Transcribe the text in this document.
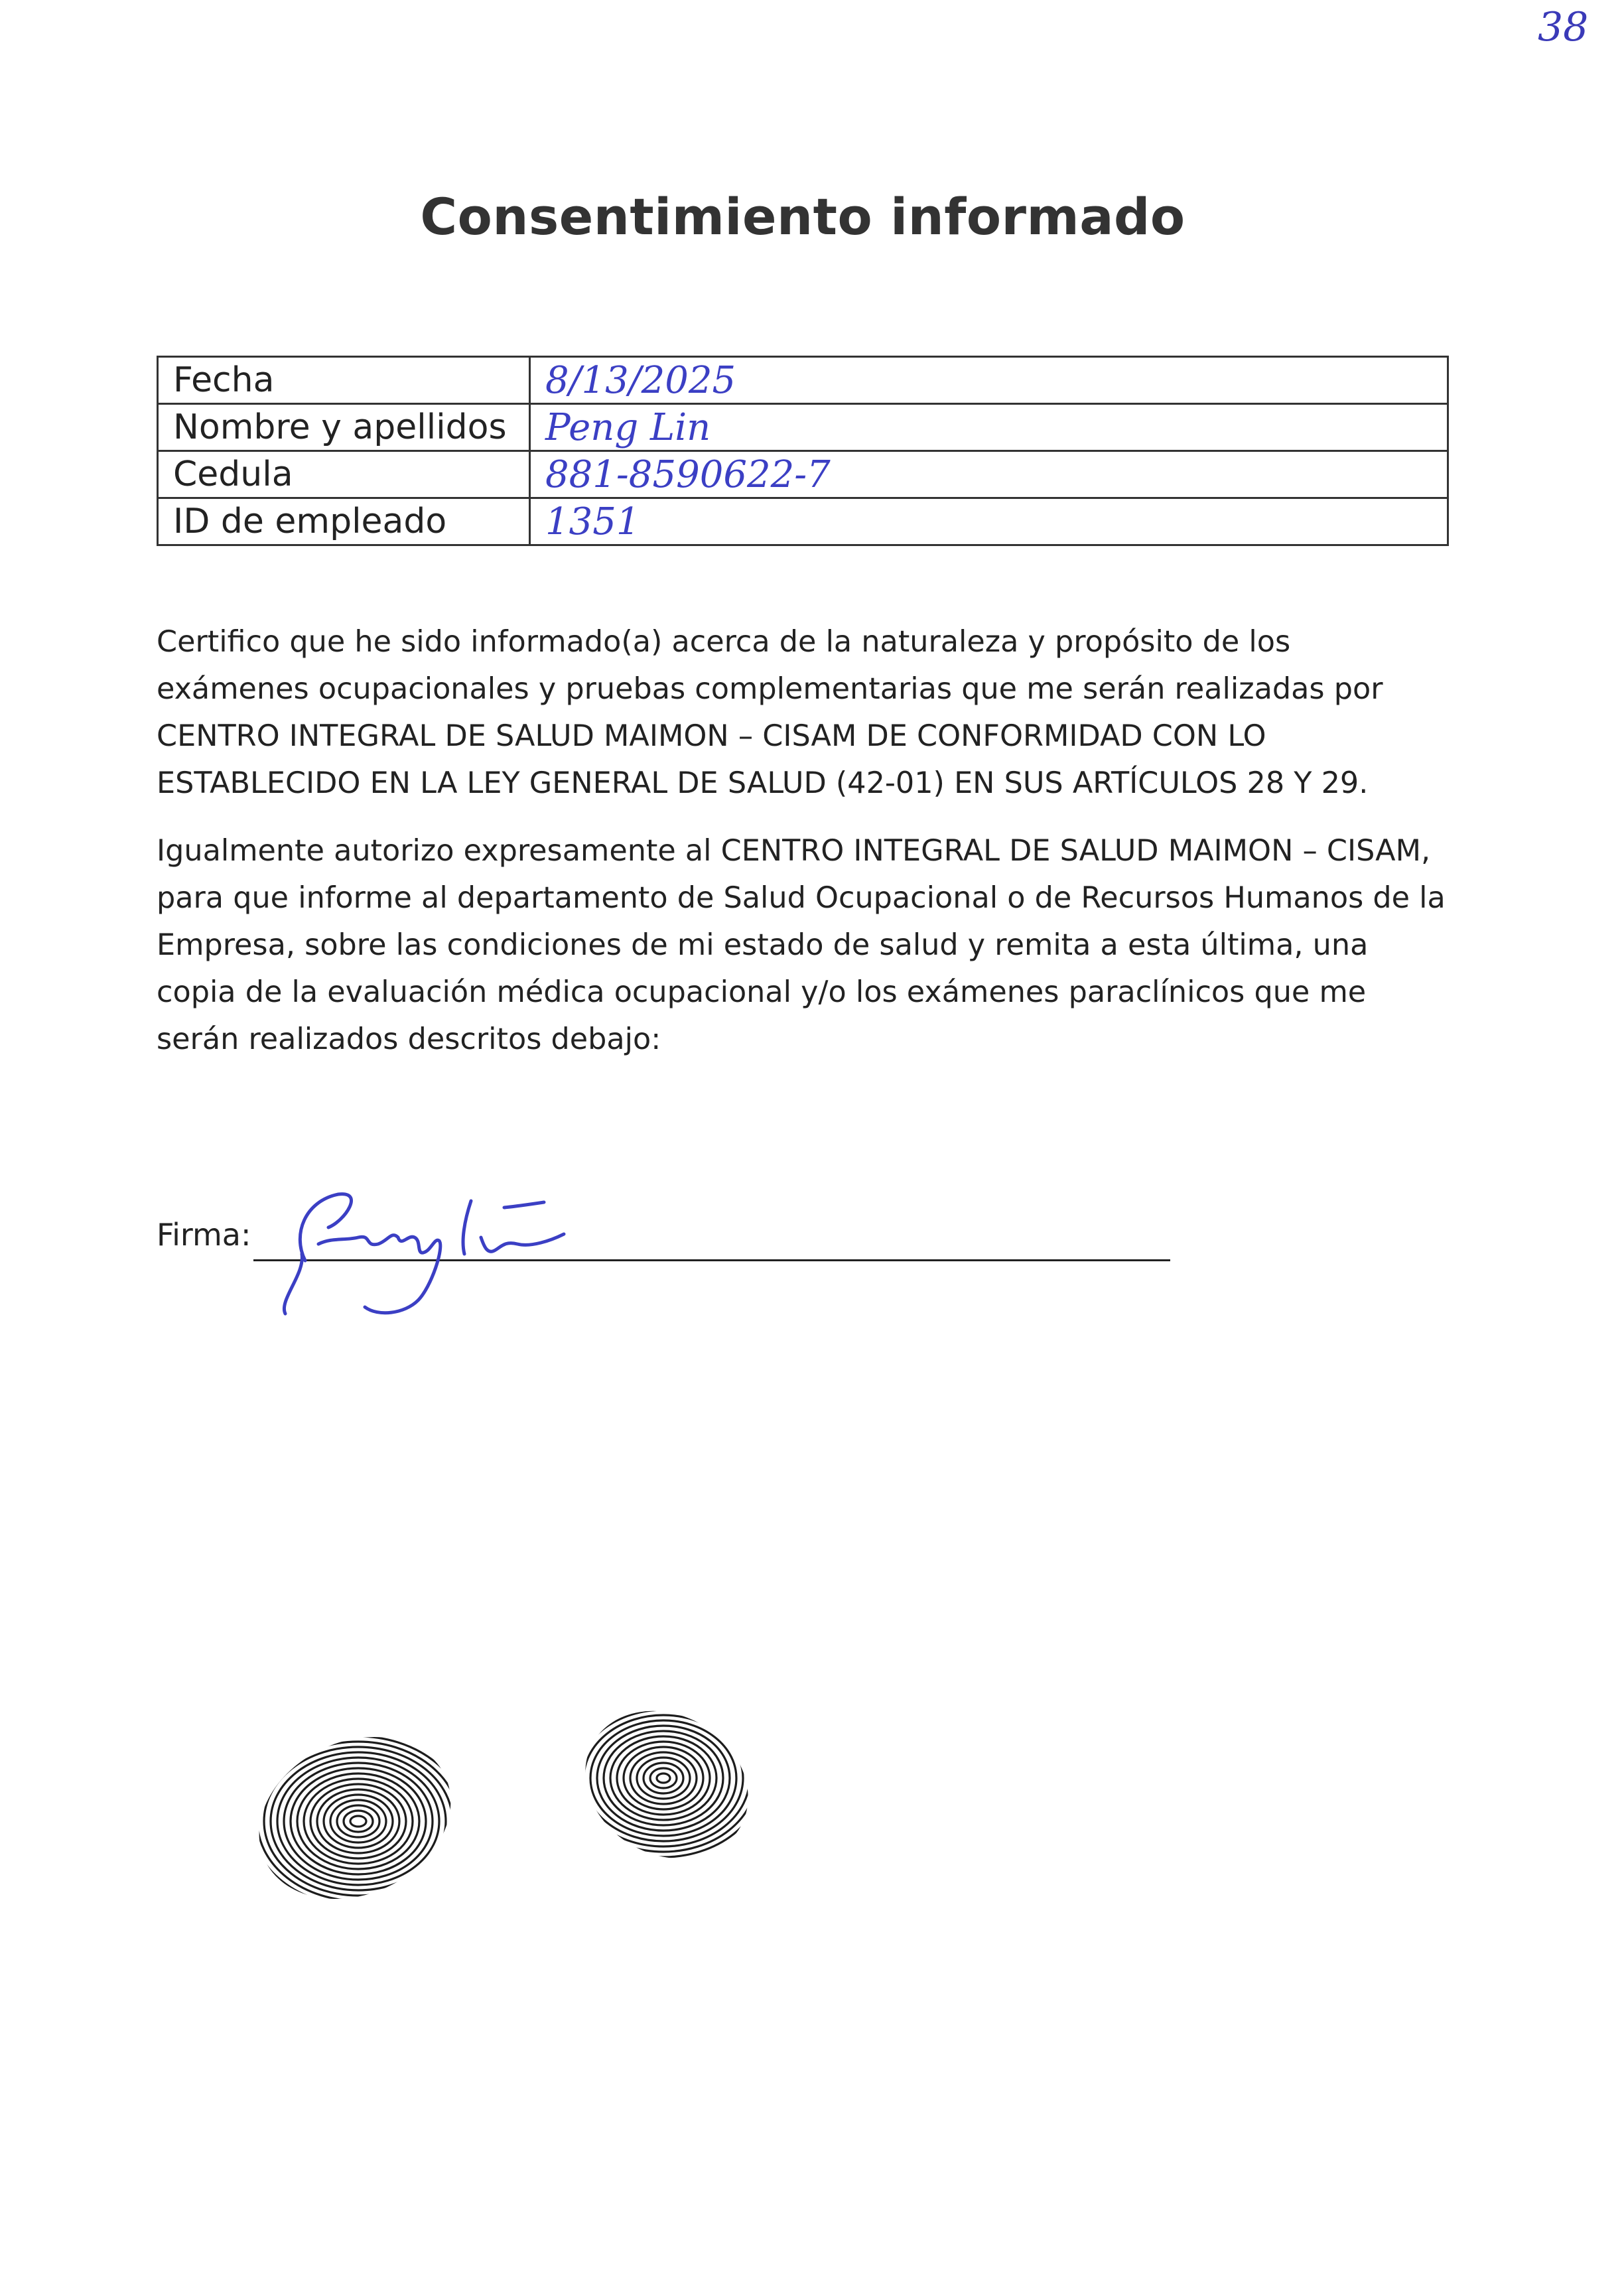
38
Consentimiento informado
Fecha	8/13/2025
Nombre y apellidos	Peng Lin
Cedula	881-8590622-7
ID de empleado	1351
Certifico que he sido informado(a) acerca de la naturaleza y propósito de los exámenes ocupacionales y pruebas complementarias que me serán realizadas por CENTRO INTEGRAL DE SALUD MAIMON – CISAM DE CONFORMIDAD CON LO ESTABLECIDO EN LA LEY GENERAL DE SALUD (42-01) EN SUS ARTÍCULOS 28 Y 29.
Igualmente autorizo expresamente al CENTRO INTEGRAL DE SALUD MAIMON – CISAM, para que informe al departamento de Salud Ocupacional o de Recursos Humanos de la Empresa, sobre las condiciones de mi estado de salud y remita a esta última, una copia de la evaluación médica ocupacional y/o los exámenes paraclínicos que me serán realizados descritos debajo:
Firma:
